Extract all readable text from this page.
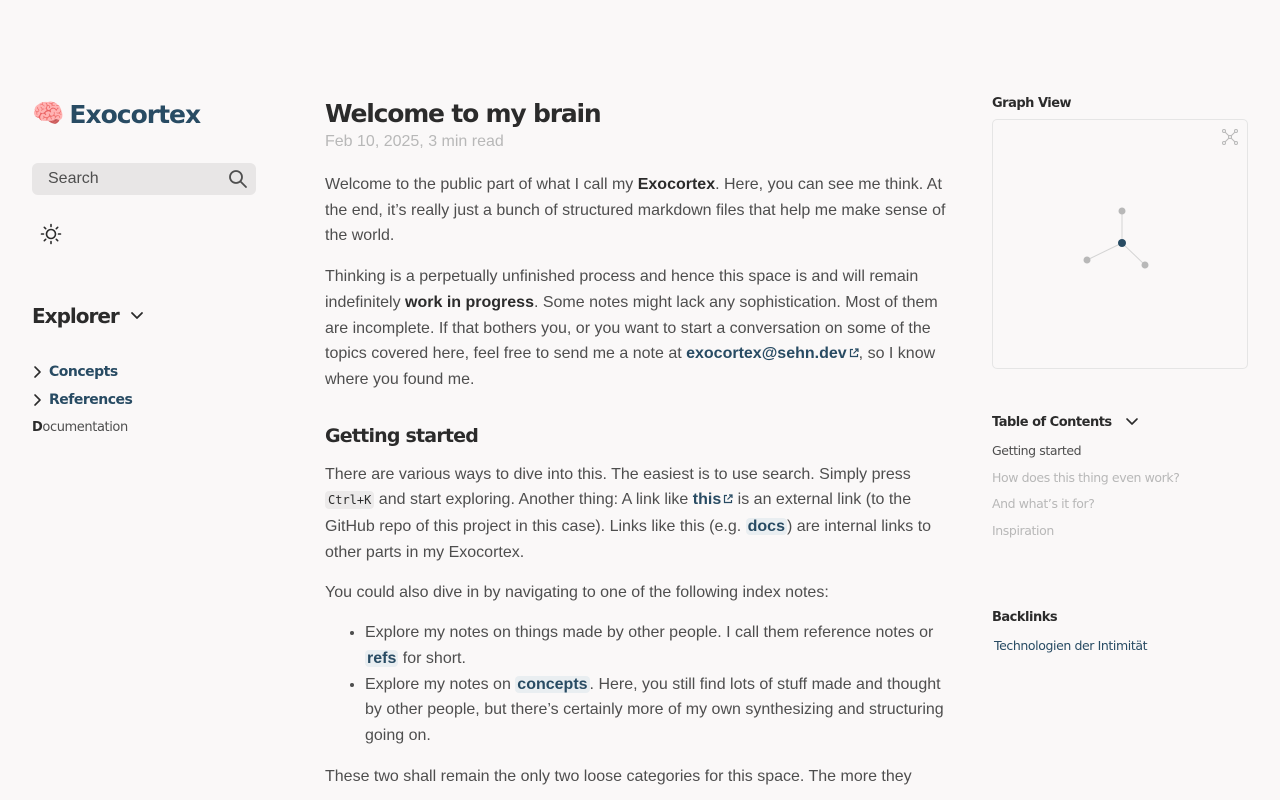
🧠 Exocortex
Search
Explorer
Concepts
References
Documentation
Welcome to my brain
Feb 10, 2025, 3 min read

Welcome to the public part of what I call my Exocortex. Here, you can see me think. At the end, it’s really just a bunch of structured markdown files that help me make sense of the world.

Thinking is a perpetually unfinished process and hence this space is and will remain indefinitely work in progress. Some notes might lack any sophistication. Most of them are incomplete. If that bothers you, or you want to start a conversation on some of the topics covered here, feel free to send me a note at exocortex@sehn.dev , so I know where you found me.

Getting started

There are various ways to dive into this. The easiest is to use search. Simply press Ctrl+K and start exploring. Another thing: A link like this is an external link (to the GitHub repo of this project in this case). Links like this (e.g. docs ) are internal links to other parts in my Exocortex.

You could also dive in by navigating to one of the following index notes:

• Explore my notes on things made by other people. I call them reference notes or refs for short.
• Explore my notes on concepts . Here, you still find lots of stuff made and thought by other people, but there’s certainly more of my own synthesizing and structuring going on.

These two shall remain the only two loose categories for this space. The more they

Graph View
Table of Contents
Getting started
How does this thing even work?
And what’s it for?
Inspiration
Backlinks
Technologien der Intimität
